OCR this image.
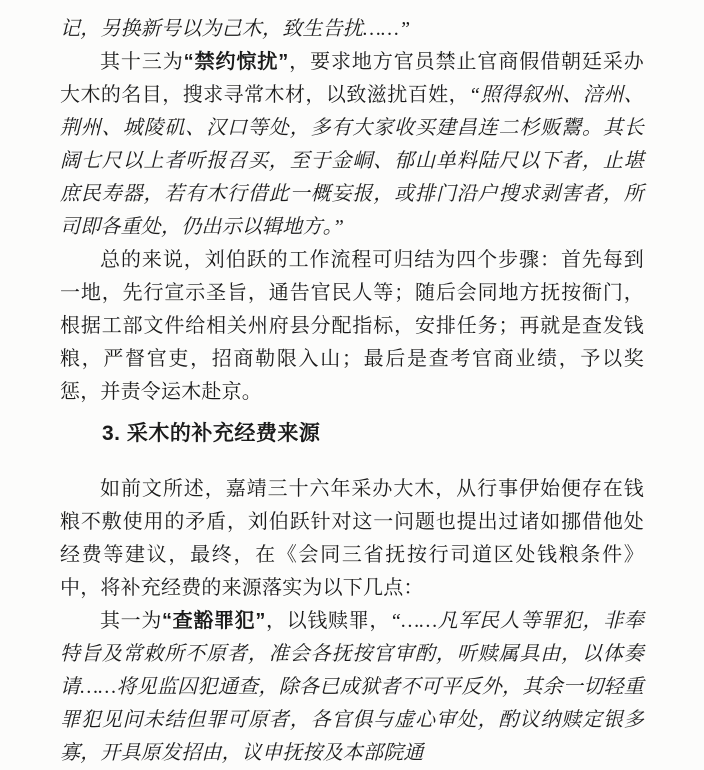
记，另换新号以为己木，致生告扰……”

其十三为“禁约惊扰”，要求地方官员禁止官商假借朝廷采办大木的名目，搜求寻常木材，以致滋扰百姓，“照得叙州、涪州、荆州、城陵矶、汉口等处，多有大家收买建昌连二杉贩鬻。其长阔七尺以上者听报召买，至于金峒、郁山单料陆尺以下者，止堪庶民寿器，若有木行借此一概妄报，或排门沿户搜求剥害者，所司即各重处，仍出示以辑地方。”

总的来说，刘伯跃的工作流程可归结为四个步骤：首先每到一地，先行宣示圣旨，通告官民人等；随后会同地方抚按衙门，根据工部文件给相关州府县分配指标，安排任务；再就是查发钱粮，严督官吏，招商勒限入山；最后是查考官商业绩，予以奖惩，并责令运木赴京。

3. 采木的补充经费来源

如前文所述，嘉靖三十六年采办大木，从行事伊始便存在钱粮不敷使用的矛盾，刘伯跃针对这一问题也提出过诸如挪借他处经费等建议，最终，在《会同三省抚按行司道区处钱粮条件》中，将补充经费的来源落实为以下几点：

其一为“查豁罪犯”，以钱赎罪，“……凡军民人等罪犯，非奉特旨及常敕所不原者，准会各抚按官审酌，听赎属具由，以体奏请……将见监囚犯通查，除各已成狱者不可平反外，其余一切轻重罪犯见问未结但罪可原者，各官俱与虚心审处，酌议纳赎定银多寡，开具原发招由，议申抚按及本部院通
